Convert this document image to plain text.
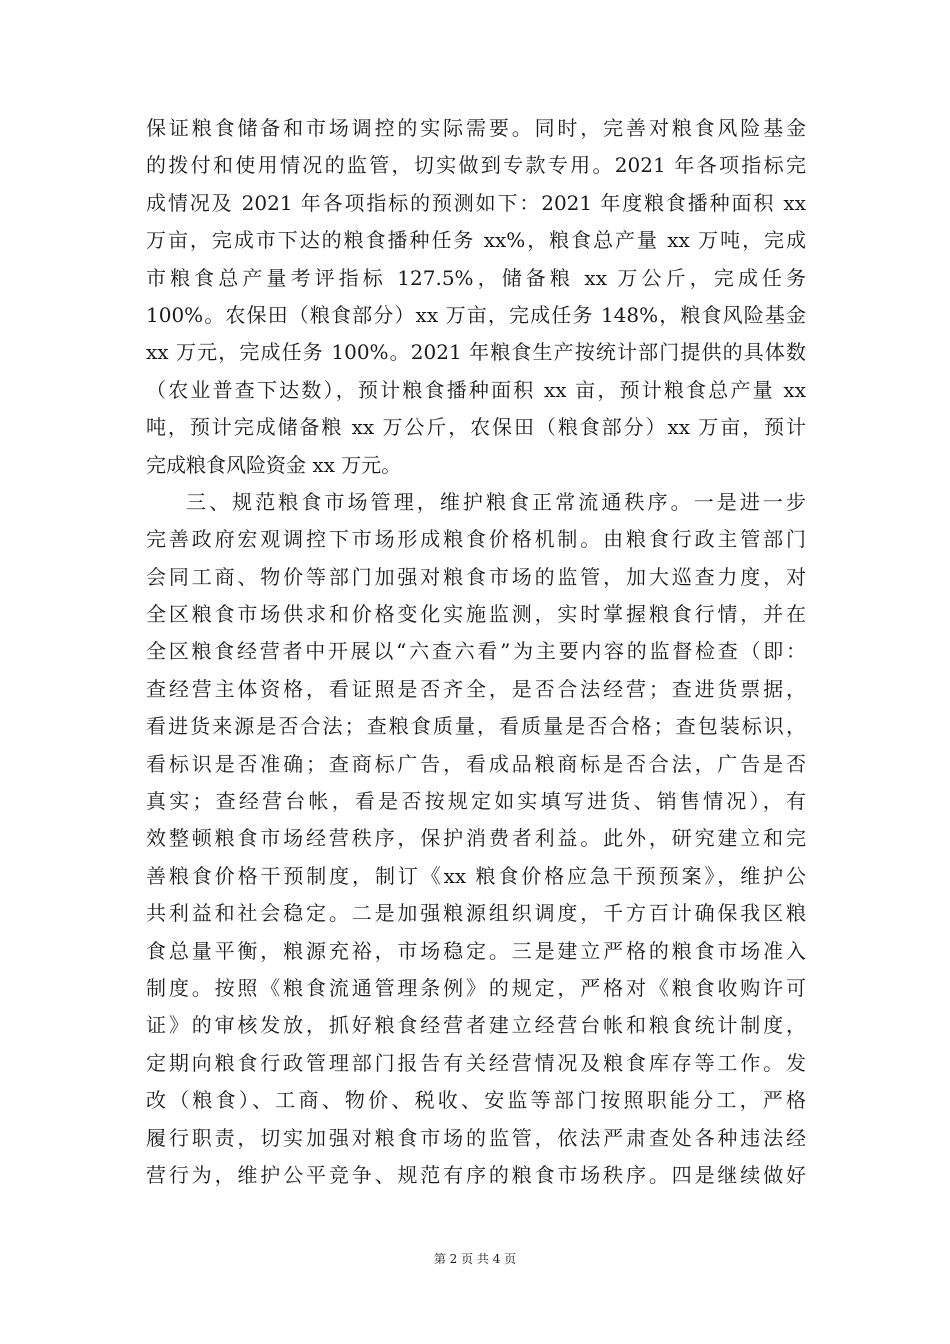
保证粮食储备和市场调控的实际需要。同时，完善对粮食风险基金
的拨付和使用情况的监管，切实做到专款专用。2021 年各项指标完
成情况及 2021 年各项指标的预测如下：2021 年度粮食播种面积 xx
万亩，完成市下达的粮食播种任务 xx%，粮食总产量 xx 万吨，完成
市粮食总产量考评指标 127.5%，储备粮 xx 万公斤，完成任务
100%。农保田（粮食部分）xx 万亩，完成任务 148%，粮食风险基金
xx 万元，完成任务 100%。2021 年粮食生产按统计部门提供的具体数
（农业普查下达数），预计粮食播种面积 xx 亩，预计粮食总产量 xx
吨，预计完成储备粮 xx 万公斤，农保田（粮食部分）xx 万亩，预计
完成粮食风险资金 xx 万元。
三、规范粮食市场管理，维护粮食正常流通秩序。一是进一步
完善政府宏观调控下市场形成粮食价格机制。由粮食行政主管部门
会同工商、物价等部门加强对粮食市场的监管，加大巡查力度，对
全区粮食市场供求和价格变化实施监测，实时掌握粮食行情，并在
全区粮食经营者中开展以“六查六看”为主要内容的监督检查（即：
查经营主体资格，看证照是否齐全，是否合法经营；查进货票据，
看进货来源是否合法；查粮食质量，看质量是否合格；查包装标识，
看标识是否准确；查商标广告，看成品粮商标是否合法，广告是否
真实；查经营台帐，看是否按规定如实填写进货、销售情况），有
效整顿粮食市场经营秩序，保护消费者利益。此外，研究建立和完
善粮食价格干预制度，制订《xx 粮食价格应急干预预案》，维护公
共利益和社会稳定。二是加强粮源组织调度，千方百计确保我区粮
食总量平衡，粮源充裕，市场稳定。三是建立严格的粮食市场准入
制度。按照《粮食流通管理条例》的规定，严格对《粮食收购许可
证》的审核发放，抓好粮食经营者建立经营台帐和粮食统计制度，
定期向粮食行政管理部门报告有关经营情况及粮食库存等工作。发
改（粮食）、工商、物价、税收、安监等部门按照职能分工，严格
履行职责，切实加强对粮食市场的监管，依法严肃查处各种违法经
营行为，维护公平竞争、规范有序的粮食市场秩序。四是继续做好
第 2 页 共 4 页
